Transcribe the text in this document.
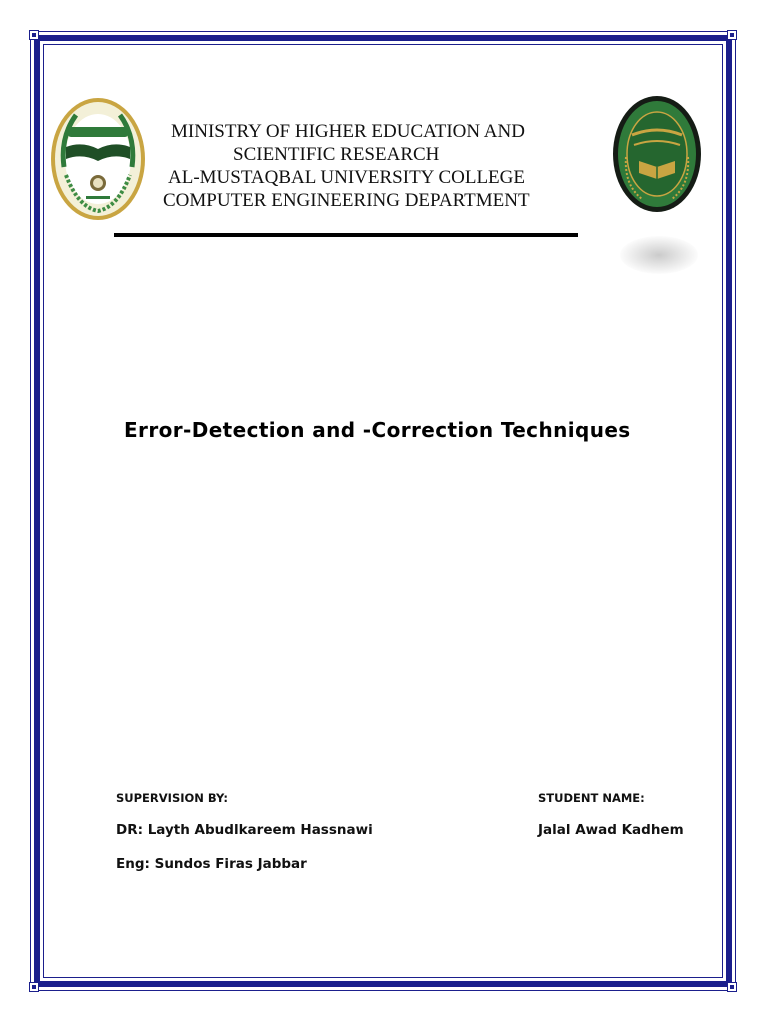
MINISTRY OF HIGHER EDUCATION AND
SCIENTIFIC RESEARCH
AL-MUSTAQBAL UNIVERSITY COLLEGE
COMPUTER ENGINEERING DEPARTMENT
Error-Detection and -Correction Techniques
SUPERVISION BY:
DR: Layth Abudlkareem Hassnawi
Eng: Sundos Firas Jabbar
STUDENT NAME:
Jalal Awad Kadhem
